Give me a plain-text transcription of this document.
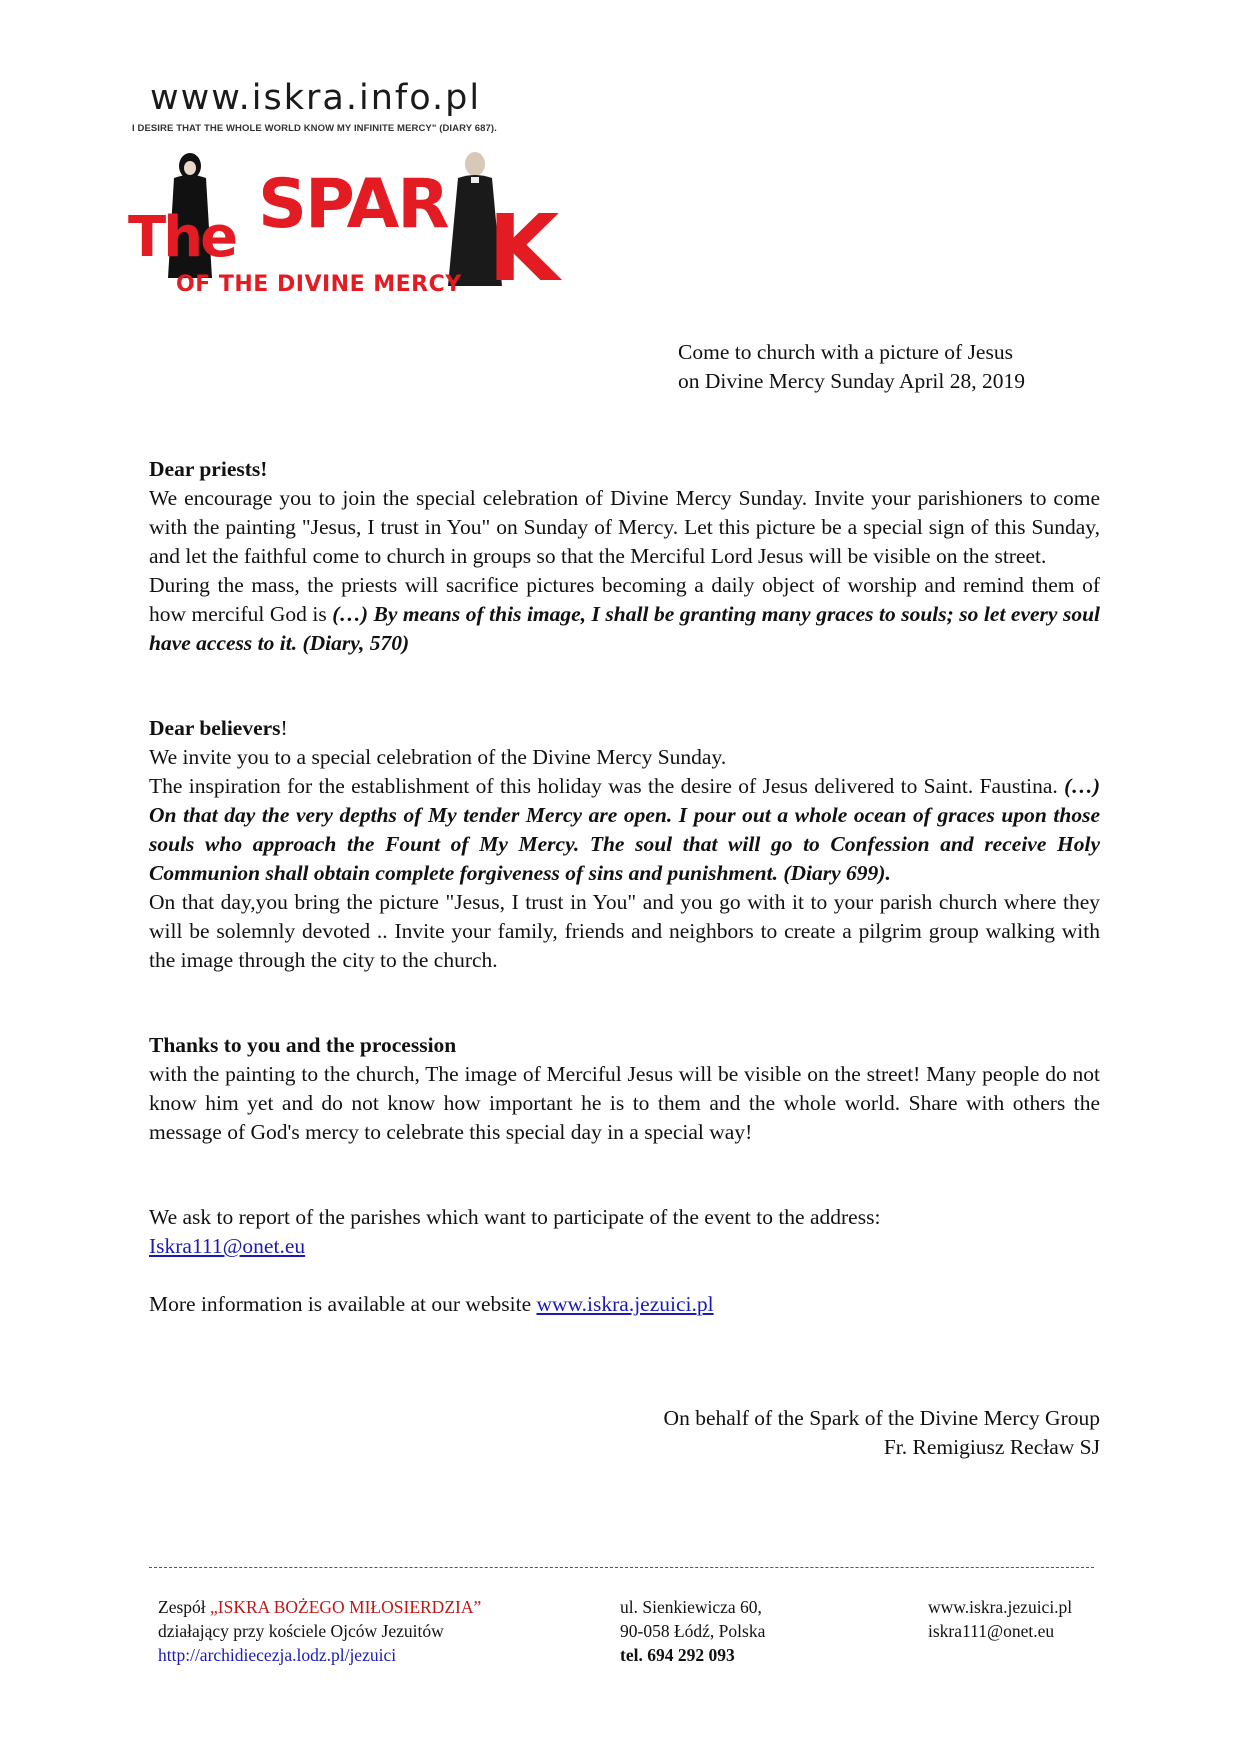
www.iskra.info.pl
I DESIRE THAT THE WHOLE WORLD KNOW MY INFINITE MERCY" (DIARY 687).
SPAR
The	K
OF THE DIVINE MERCY
Come to church with a picture of Jesus
on Divine Mercy Sunday April 28, 2019

Dear priests!

We encourage you to join the special celebration of Divine Mercy Sunday. Invite your parishioners to come with the painting "Jesus, I trust in You" on Sunday of Mercy. Let this picture be a special sign of this Sunday, and let the faithful come to church in groups so that the Merciful Lord Jesus will be visible on the street.

During the mass, the priests will sacrifice pictures becoming a daily object of worship and remind them of how merciful God is (…) By means of this image, I shall be granting many graces to souls; so let every soul have access to it. (Diary, 570)

Dear believers!

We invite you to a special celebration of the Divine Mercy Sunday.

The inspiration for the establishment of this holiday was the desire of Jesus delivered to Saint. Faustina. (…) On that day the very depths of My tender Mercy are open. I pour out a whole ocean of graces upon those souls who approach the Fount of My Mercy. The soul that will go to Confession and receive Holy Communion shall obtain complete forgiveness of sins and punishment. (Diary 699).

On that day,you bring the picture "Jesus, I trust in You" and you go with it to your parish church where they will be solemnly devoted .. Invite your family, friends and neighbors to create a pilgrim group walking with the image through the city to the church.

Thanks to you and the procession

with the painting to the church, The image of Merciful Jesus will be visible on the street! Many people do not know him yet and do not know how important he is to them and the whole world. Share with others the message of God's mercy to celebrate this special day in a special way!

We ask to report of the parishes which want to participate of the event to the address:

Iskra111@onet.eu

More information is available at our website www.iskra.jezuici.pl

On behalf of the Spark of the Divine Mercy Group
Fr. Remigiusz Recław SJ
Zespół „ISKRA BOŻEGO MIŁOSIERDZIA”
działający przy kościele Ojców Jezuitów
http://archidiecezja.lodz.pl/jezuici
ul. Sienkiewicza 60,
90-058 Łódź, Polska
tel. 694 292 093
www.iskra.jezuici.pl
iskra111@onet.eu
